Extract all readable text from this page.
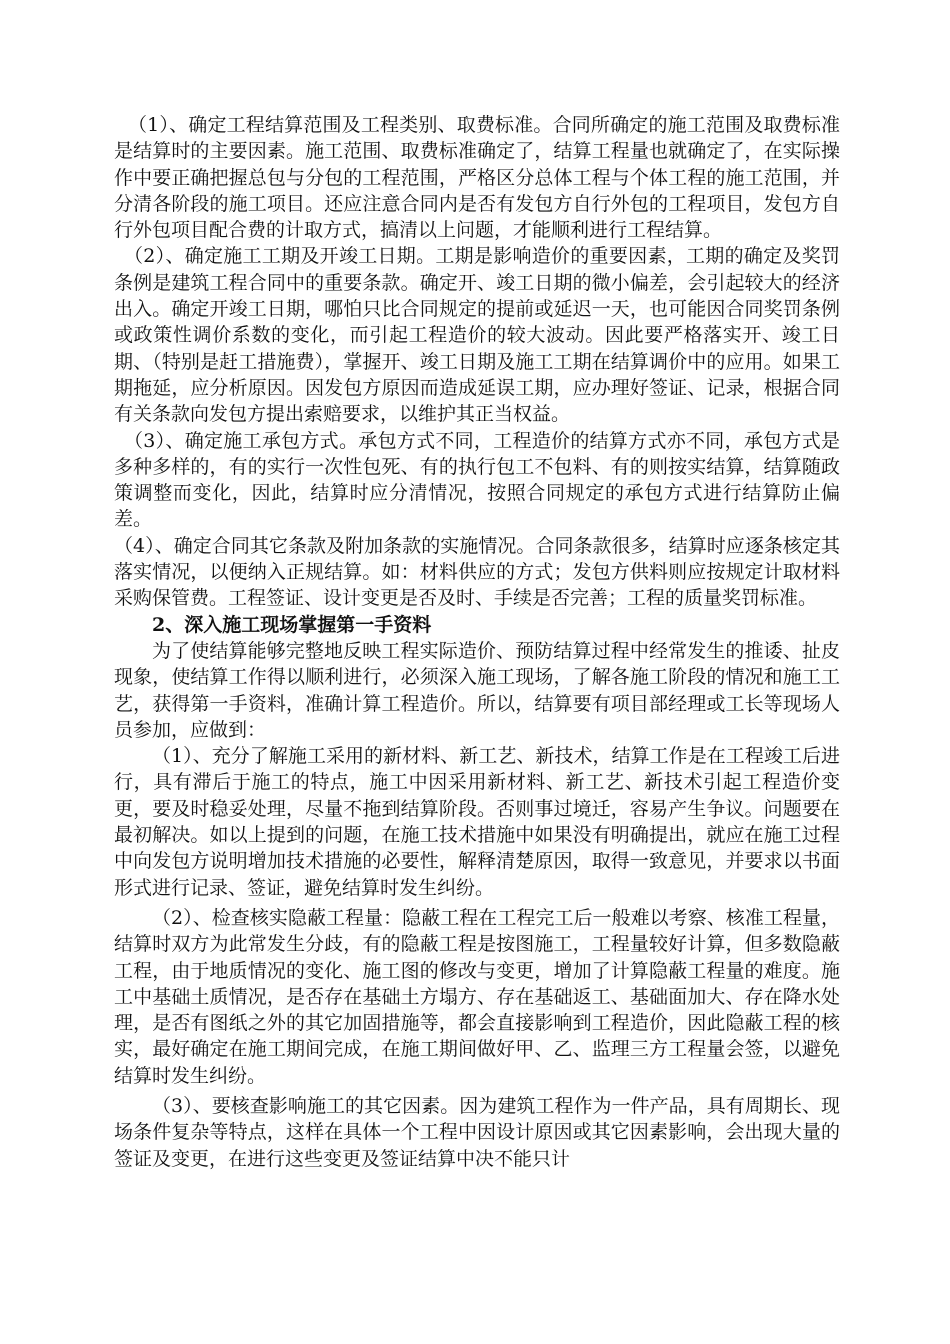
（1）、确定工程结算范围及工程类别、取费标准。合同所确定的施工范围及取费标准是结算时的主要因素。施工范围、取费标准确定了，结算工程量也就确定了，在实际操作中要正确把握总包与分包的工程范围，严格区分总体工程与个体工程的施工范围，并分清各阶段的施工项目。还应注意合同内是否有发包方自行外包的工程项目，发包方自行外包项目配合费的计取方式，搞清以上问题，才能顺利进行工程结算。

（2）、确定施工工期及开竣工日期。工期是影响造价的重要因素，工期的确定及奖罚条例是建筑工程合同中的重要条款。确定开、竣工日期的微小偏差，会引起较大的经济出入。确定开竣工日期，哪怕只比合同规定的提前或延迟一天，也可能因合同奖罚条例或政策性调价系数的变化，而引起工程造价的较大波动。因此要严格落实开、竣工日期、（特别是赶工措施费），掌握开、竣工日期及施工工期在结算调价中的应用。如果工期拖延，应分析原因。因发包方原因而造成延误工期，应办理好签证、记录，根据合同有关条款向发包方提出索赔要求，以维护其正当权益。

（3）、确定施工承包方式。承包方式不同，工程造价的结算方式亦不同，承包方式是多种多样的，有的实行一次性包死、有的执行包工不包料、有的则按实结算，结算随政策调整而变化，因此，结算时应分清情况，按照合同规定的承包方式进行结算防止偏差。

（4）、确定合同其它条款及附加条款的实施情况。合同条款很多，结算时应逐条核定其落实情况，以便纳入正规结算。如：材料供应的方式；发包方供料则应按规定计取材料采购保管费。工程签证、设计变更是否及时、手续是否完善；工程的质量奖罚标准。

2、深入施工现场掌握第一手资料

为了使结算能够完整地反映工程实际造价、预防结算过程中经常发生的推诿、扯皮现象，使结算工作得以顺利进行，必须深入施工现场，了解各施工阶段的情况和施工工艺，获得第一手资料，准确计算工程造价。所以，结算要有项目部经理或工长等现场人员参加，应做到：

（1）、充分了解施工采用的新材料、新工艺、新技术，结算工作是在工程竣工后进行，具有滞后于施工的特点，施工中因采用新材料、新工艺、新技术引起工程造价变更，要及时稳妥处理，尽量不拖到结算阶段。否则事过境迁，容易产生争议。问题要在最初解决。如以上提到的问题，在施工技术措施中如果没有明确提出，就应在施工过程中向发包方说明增加技术措施的必要性，解释清楚原因，取得一致意见，并要求以书面形式进行记录、签证，避免结算时发生纠纷。

（2）、检查核实隐蔽工程量：隐蔽工程在工程完工后一般难以考察、核准工程量，结算时双方为此常发生分歧，有的隐蔽工程是按图施工，工程量较好计算，但多数隐蔽工程，由于地质情况的变化、施工图的修改与变更，增加了计算隐蔽工程量的难度。施工中基础土质情况，是否存在基础土方塌方、存在基础返工、基础面加大、存在降水处理，是否有图纸之外的其它加固措施等，都会直接影响到工程造价，因此隐蔽工程的核实，最好确定在施工期间完成，在施工期间做好甲、乙、监理三方工程量会签，以避免结算时发生纠纷。

（3）、要核查影响施工的其它因素。因为建筑工程作为一件产品，具有周期长、现场条件复杂等特点，这样在具体一个工程中因设计原因或其它因素影响，会出现大量的签证及变更，在进行这些变更及签证结算中决不能只计
